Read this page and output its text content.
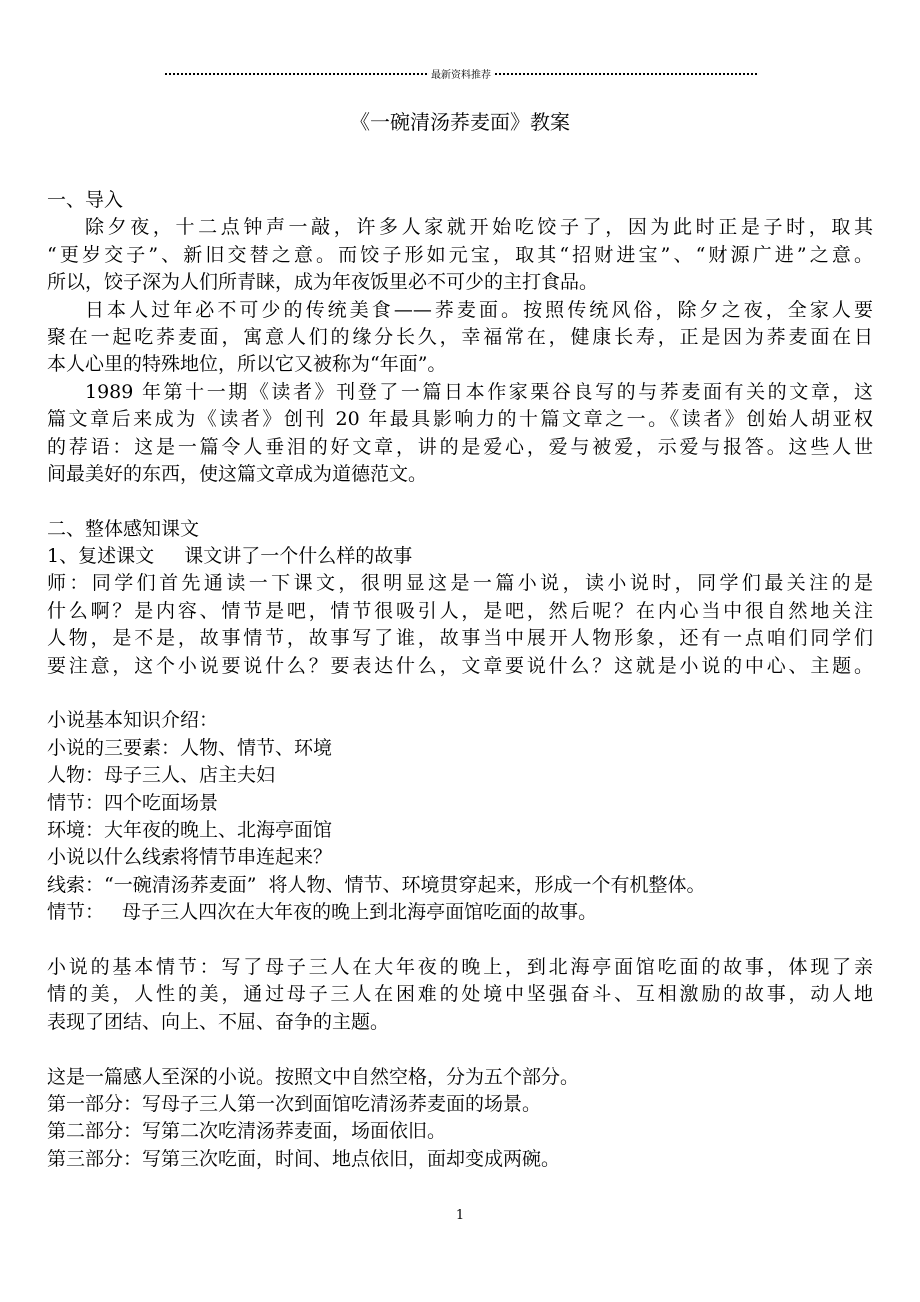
最新资料推荐
《一碗清汤荞麦面》教案
一、导入
除夕夜，十二点钟声一敲，许多人家就开始吃饺子了，因为此时正是子时，取其
“更岁交子”、新旧交替之意。而饺子形如元宝，取其“招财进宝”、“财源广进”之意。
所以，饺子深为人们所青睐，成为年夜饭里必不可少的主打食品。
日本人过年必不可少的传统美食——荞麦面。按照传统风俗，除夕之夜，全家人要
聚在一起吃荞麦面，寓意人们的缘分长久，幸福常在，健康长寿，正是因为荞麦面在日
本人心里的特殊地位，所以它又被称为“年面”。
1989 年第十一期《读者》刊登了一篇日本作家栗谷良写的与荞麦面有关的文章，这
篇文章后来成为《读者》创刊 20 年最具影响力的十篇文章之一。《读者》创始人胡亚权
的荐语：这是一篇令人垂泪的好文章，讲的是爱心，爱与被爱，示爱与报答。这些人世
间最美好的东西，使这篇文章成为道德范文。
二、整体感知课文
1、复述课文     课文讲了一个什么样的故事
师：同学们首先通读一下课文，很明显这是一篇小说，读小说时，同学们最关注的是
什么啊？是内容、情节是吧，情节很吸引人，是吧，然后呢？在内心当中很自然地关注
人物，是不是，故事情节，故事写了谁，故事当中展开人物形象，还有一点咱们同学们
要注意，这个小说要说什么？要表达什么，文章要说什么？这就是小说的中心、主题。
小说基本知识介绍：
小说的三要素：人物、情节、环境
人物：母子三人、店主夫妇
情节：四个吃面场景
环境：大年夜的晚上、北海亭面馆
小说以什么线索将情节串连起来？
线索：“一碗清汤荞麦面”  将人物、情节、环境贯穿起来，形成一个有机整体。
情节：   母子三人四次在大年夜的晚上到北海亭面馆吃面的故事。
小说的基本情节：写了母子三人在大年夜的晚上，到北海亭面馆吃面的故事，体现了亲
情的美，人性的美，通过母子三人在困难的处境中坚强奋斗、互相激励的故事，动人地
表现了团结、向上、不屈、奋争的主题。
这是一篇感人至深的小说。按照文中自然空格，分为五个部分。
第一部分：写母子三人第一次到面馆吃清汤荞麦面的场景。
第二部分：写第二次吃清汤荞麦面，场面依旧。
第三部分：写第三次吃面，时间、地点依旧，面却变成两碗。
1
